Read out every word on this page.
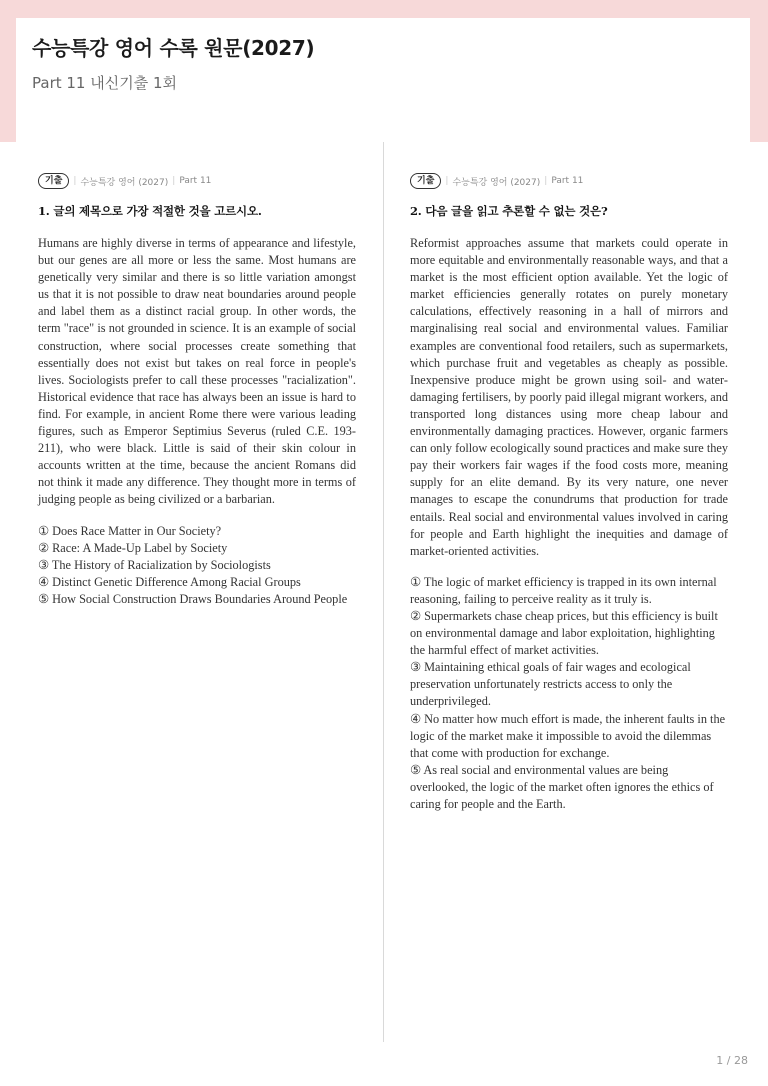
수능특강 영어 수록 원문(2027)
Part 11 내신기출 1회
기출	| 수능특강 영어 (2027) | Part 11
1. 글의 제목으로 가장 적절한 것을 고르시오.
Humans are highly diverse in terms of appearance and lifestyle, but our genes are all more or less the same. Most humans are genetically very similar and there is so little variation amongst us that it is not possible to draw neat boundaries around people and label them as a distinct racial group. In other words, the term "race" is not grounded in science. It is an example of social construction, where social processes create something that essentially does not exist but takes on real force in people's lives. Sociologists prefer to call these processes "racialization". Historical evidence that race has always been an issue is hard to find. For example, in ancient Rome there were various leading figures, such as Emperor Septimius Severus (ruled C.E. 193-211), who were black. Little is said of their skin colour in accounts written at the time, because the ancient Romans did not think it made any difference. They thought more in terms of judging people as being civilized or a barbarian.

① Does Race Matter in Our Society?

② Race: A Made-Up Label by Society

③ The History of Racialization by Sociologists

④ Distinct Genetic Difference Among Racial Groups

⑤ How Social Construction Draws Boundaries Around People

기출	| 수능특강 영어 (2027) | Part 11
2. 다음 글을 읽고 추론할 수 없는 것은?
Reformist approaches assume that markets could operate in more equitable and environmentally reasonable ways, and that a market is the most efficient option available. Yet the logic of market efficiencies generally rotates on purely monetary calculations, effectively reasoning in a hall of mirrors and marginalising real social and environmental values. Familiar examples are conventional food retailers, such as supermarkets, which purchase fruit and vegetables as cheaply as possible. Inexpensive produce might be grown using soil- and water-damaging fertilisers, by poorly paid illegal migrant workers, and transported long distances using more cheap labour and environmentally damaging practices. However, organic farmers can only follow ecologically sound practices and make sure they pay their workers fair wages if the food costs more, meaning supply for an elite demand. By its very nature, one never manages to escape the conundrums that production for trade entails. Real social and environmental values involved in caring for people and Earth highlight the inequities and damage of market-oriented activities.

① The logic of market efficiency is trapped in its own internal reasoning, failing to perceive reality as it truly is.

② Supermarkets chase cheap prices, but this efficiency is built on environmental damage and labor exploitation, highlighting the harmful effect of market activities.

③ Maintaining ethical goals of fair wages and ecological preservation unfortunately restricts access to only the underprivileged.

④ No matter how much effort is made, the inherent faults in the logic of the market make it impossible to avoid the dilemmas that come with production for exchange.

⑤ As real social and environmental values are being overlooked, the logic of the market often ignores the ethics of caring for people and the Earth.

1 / 28
